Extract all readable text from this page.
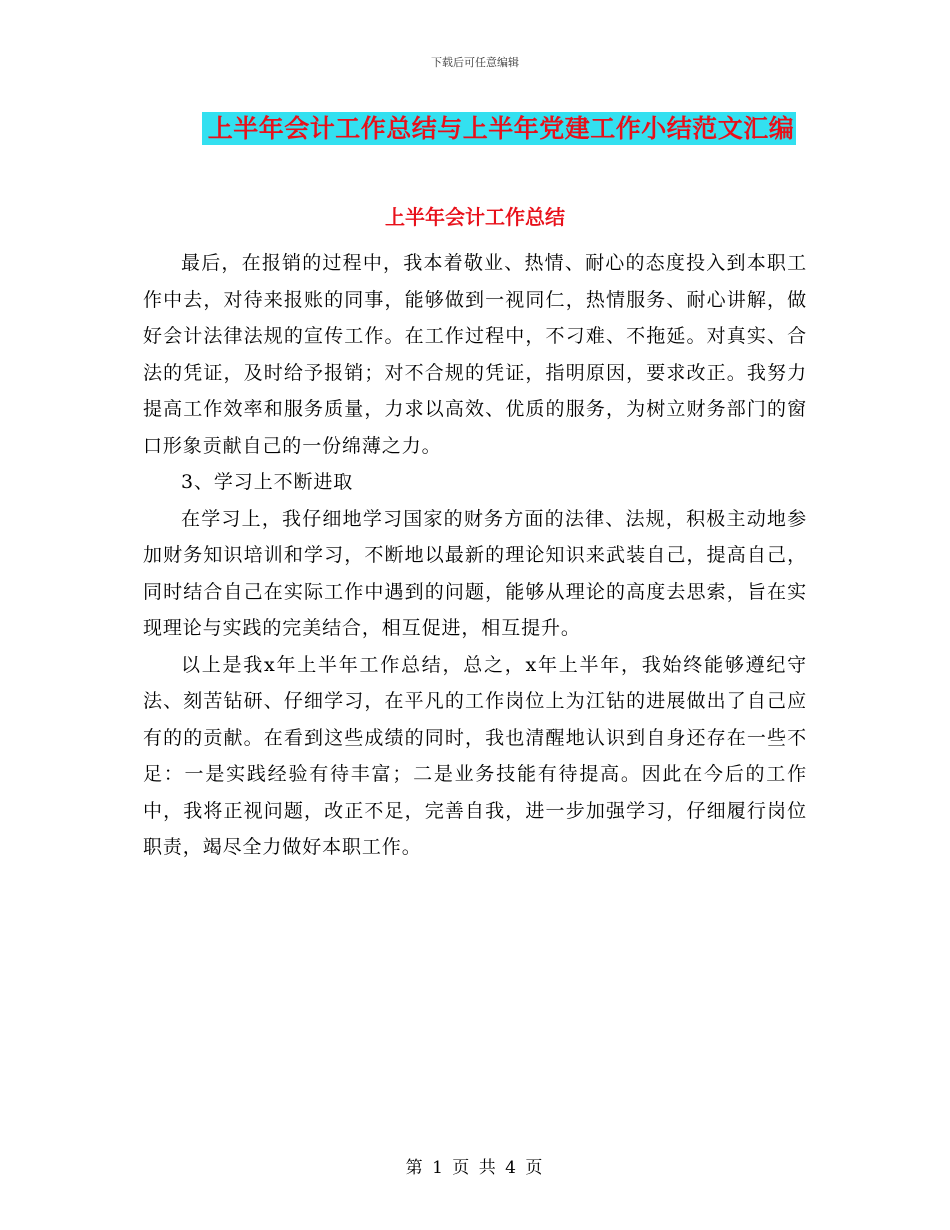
下载后可任意编辑
上半年会计工作总结与上半年党建工作小结范文汇编
上半年会计工作总结

最后，在报销的过程中，我本着敬业、热情、耐心的态度投入到本职工作中去，对待来报账的同事，能够做到一视同仁，热情服务、耐心讲解，做好会计法律法规的宣传工作。在工作过程中，不刁难、不拖延。对真实、合法的凭证，及时给予报销；对不合规的凭证，指明原因，要求改正。我努力提高工作效率和服务质量，力求以高效、优质的服务，为树立财务部门的窗口形象贡献自己的一份绵薄之力。

3、学习上不断进取

在学习上，我仔细地学习国家的财务方面的法律、法规，积极主动地参加财务知识培训和学习，不断地以最新的理论知识来武装自己，提高自己，同时结合自己在实际工作中遇到的问题，能够从理论的高度去思索，旨在实现理论与实践的完美结合，相互促进，相互提升。

以上是我x年上半年工作总结，总之，x年上半年，我始终能够遵纪守法、刻苦钻研、仔细学习，在平凡的工作岗位上为江钻的进展做出了自己应有的的贡献。在看到这些成绩的同时，我也清醒地认识到自身还存在一些不足：一是实践经验有待丰富；二是业务技能有待提高。因此在今后的工作中，我将正视问题，改正不足，完善自我，进一步加强学习，仔细履行岗位职责，竭尽全力做好本职工作。

第 1 页 共 4 页
